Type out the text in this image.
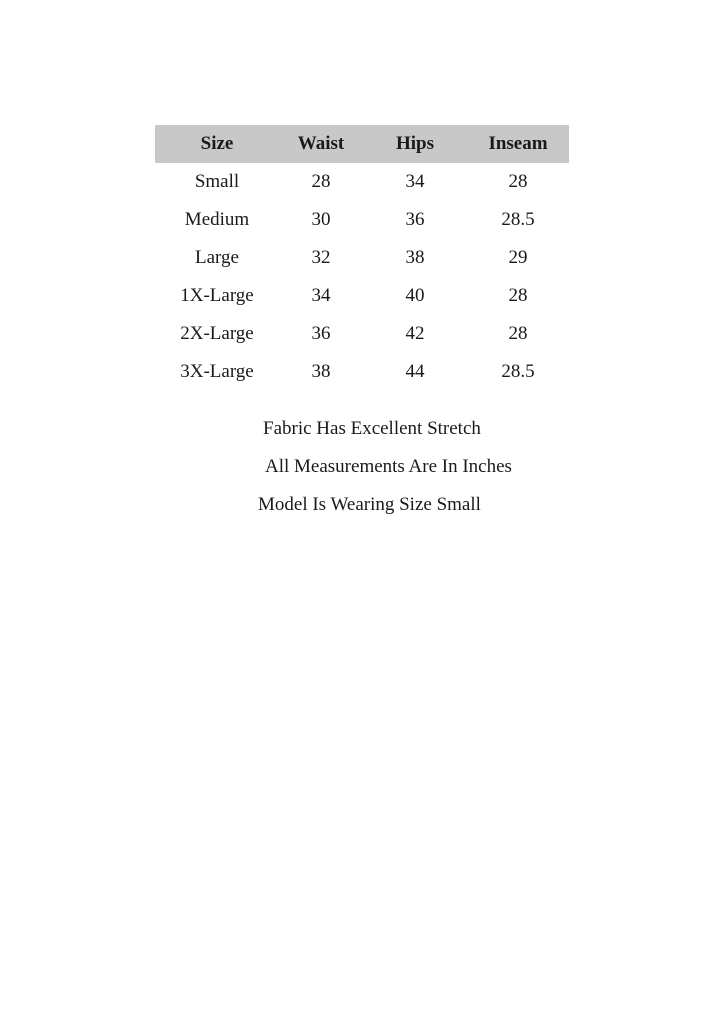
Size	Waist	Hips	Inseam
Small	28	34	28
Medium	30	36	28.5
Large	32	38	29
1X-Large	34	40	28
2X-Large	36	42	28
3X-Large	38	44	28.5
Fabric Has Excellent Stretch
All Measurements Are In Inches
Model Is Wearing Size Small
